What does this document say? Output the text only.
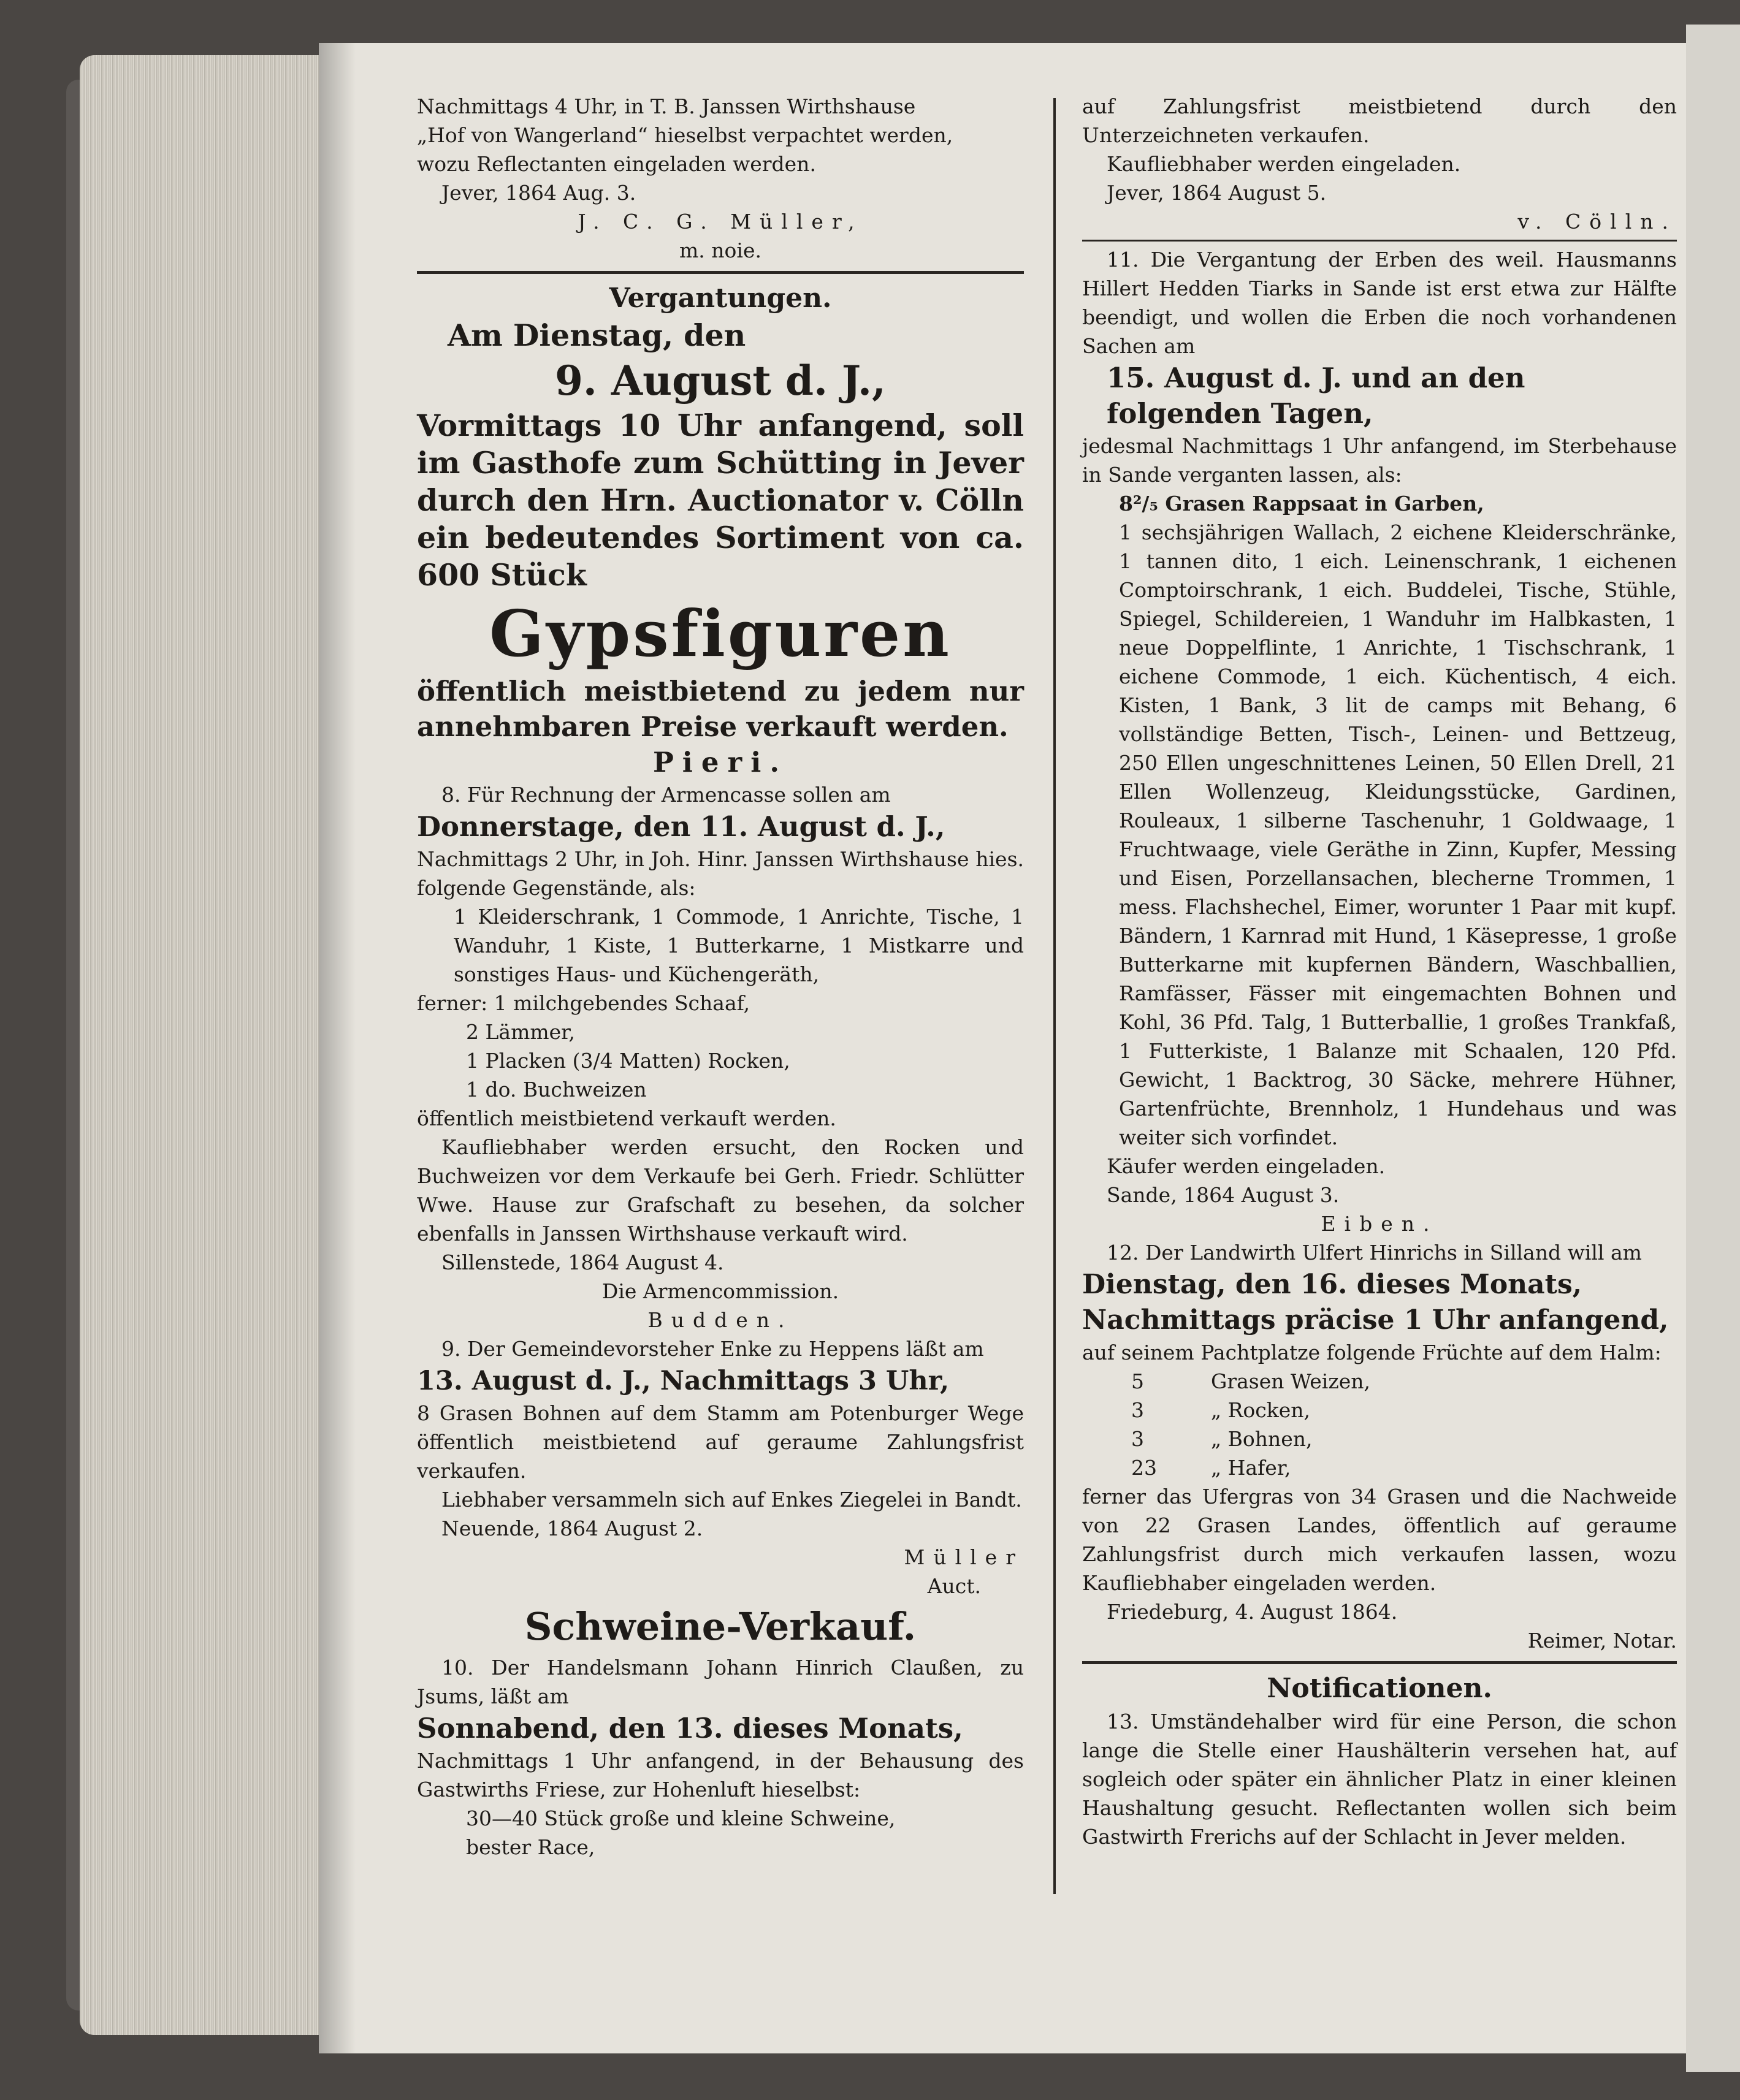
Nachmittags 4 Uhr, in T. B. Janssen Wirthshause

„Hof von Wangerland“ hieselbst verpachtet werden,

wozu Reflectanten eingeladen werden.

Jever, 1864 Aug. 3.

J. C. G. Müller,

m. noie.

Vergantungen.

Am Dienstag, den

9. August d. J.,

Vormittags 10 Uhr anfangend, soll im Gasthofe zum Schütting in Jever durch den Hrn. Auctionator v. Cölln ein bedeutendes Sortiment von ca. 600 Stück

Gypsfiguren

öffentlich meistbietend zu jedem nur annehmbaren Preise verkauft werden.

Pieri.

8. Für Rechnung der Armencasse sollen am

Donnerstage, den 11. August d. J.,

Nachmittags 2 Uhr, in Joh. Hinr. Janssen Wirthshause hies. folgende Gegenstände, als:

1 Kleiderschrank, 1 Commode, 1 Anrichte, Tische, 1 Wanduhr, 1 Kiste, 1 Butterkarne, 1 Mistkarre und sonstiges Haus- und Küchengeräth,

ferner: 1 milchgebendes Schaaf,

2 Lämmer,

1 Placken (3/4 Matten) Rocken,

1 do. Buchweizen

öffentlich meistbietend verkauft werden.

Kaufliebhaber werden ersucht, den Rocken und Buchweizen vor dem Verkaufe bei Gerh. Friedr. Schlütter Wwe. Hause zur Grafschaft zu besehen, da solcher ebenfalls in Janssen Wirthshause verkauft wird.

Sillenstede, 1864 August 4.

Die Armencommission.

Budden.

9. Der Gemeindevorsteher Enke zu Heppens läßt am

13. August d. J., Nachmittags 3 Uhr,

8 Grasen Bohnen auf dem Stamm am Potenburger Wege öffentlich meistbietend auf geraume Zahlungsfrist verkaufen.

Liebhaber versammeln sich auf Enkes Ziegelei in Bandt.

Neuende, 1864 August 2.

Müller

Auct.

Schweine-Verkauf.

10. Der Handelsmann Johann Hinrich Claußen, zu Jsums, läßt am

Sonnabend, den 13. dieses Monats,

Nachmittags 1 Uhr anfangend, in der Behausung des Gastwirths Friese, zur Hohenluft hieselbst:

30—40 Stück große und kleine Schweine,

bester Race,

auf Zahlungsfrist meistbietend durch den Unterzeichneten verkaufen.

Kaufliebhaber werden eingeladen.

Jever, 1864 August 5.

v. Cölln.

11. Die Vergantung der Erben des weil. Hausmanns Hillert Hedden Tiarks in Sande ist erst etwa zur Hälfte beendigt, und wollen die Erben die noch vorhandenen Sachen am

15. August d. J. und an den folgenden Tagen,

jedesmal Nachmittags 1 Uhr anfangend, im Sterbehause in Sande verganten lassen, als:

8²/₅ Grasen Rappsaat in Garben,

1 sechsjährigen Wallach, 2 eichene Kleiderschränke, 1 tannen dito, 1 eich. Leinenschrank, 1 eichenen Comptoirschrank, 1 eich. Buddelei, Tische, Stühle, Spiegel, Schildereien, 1 Wanduhr im Halbkasten, 1 neue Doppelflinte, 1 Anrichte, 1 Tischschrank, 1 eichene Commode, 1 eich. Küchentisch, 4 eich. Kisten, 1 Bank, 3 lit de camps mit Behang, 6 vollständige Betten, Tisch-, Leinen- und Bettzeug, 250 Ellen ungeschnittenes Leinen, 50 Ellen Drell, 21 Ellen Wollenzeug, Kleidungsstücke, Gardinen, Rouleaux, 1 silberne Taschenuhr, 1 Goldwaage, 1 Fruchtwaage, viele Geräthe in Zinn, Kupfer, Messing und Eisen, Porzellansachen, blecherne Trommen, 1 mess. Flachshechel, Eimer, worunter 1 Paar mit kupf. Bändern, 1 Karnrad mit Hund, 1 Käsepresse, 1 große Butterkarne mit kupfernen Bändern, Waschballien, Ramfässer, Fässer mit eingemachten Bohnen und Kohl, 36 Pfd. Talg, 1 Butterballie, 1 großes Trankfaß, 1 Futterkiste, 1 Balanze mit Schaalen, 120 Pfd. Gewicht, 1 Backtrog, 30 Säcke, mehrere Hühner, Gartenfrüchte, Brennholz, 1 Hundehaus und was weiter sich vorfindet.

Käufer werden eingeladen.

Sande, 1864 August 3.

Eiben.

12. Der Landwirth Ulfert Hinrichs in Silland will am

Dienstag, den 16. dieses Monats, Nachmittags präcise 1 Uhr anfangend,

auf seinem Pachtplatze folgende Früchte auf dem Halm:

5	Grasen Weizen,

3	„ Rocken,

3	„ Bohnen,

23	„ Hafer,

ferner das Ufergras von 34 Grasen und die Nachweide von 22 Grasen Landes, öffentlich auf geraume Zahlungsfrist durch mich verkaufen lassen, wozu Kaufliebhaber eingeladen werden.

Friedeburg, 4. August 1864.

Reimer, Notar.

Notificationen.

13. Umständehalber wird für eine Person, die schon lange die Stelle einer Haushälterin versehen hat, auf sogleich oder später ein ähnlicher Platz in einer kleinen Haushaltung gesucht. Reflectanten wollen sich beim Gastwirth Frerichs auf der Schlacht in Jever melden.
